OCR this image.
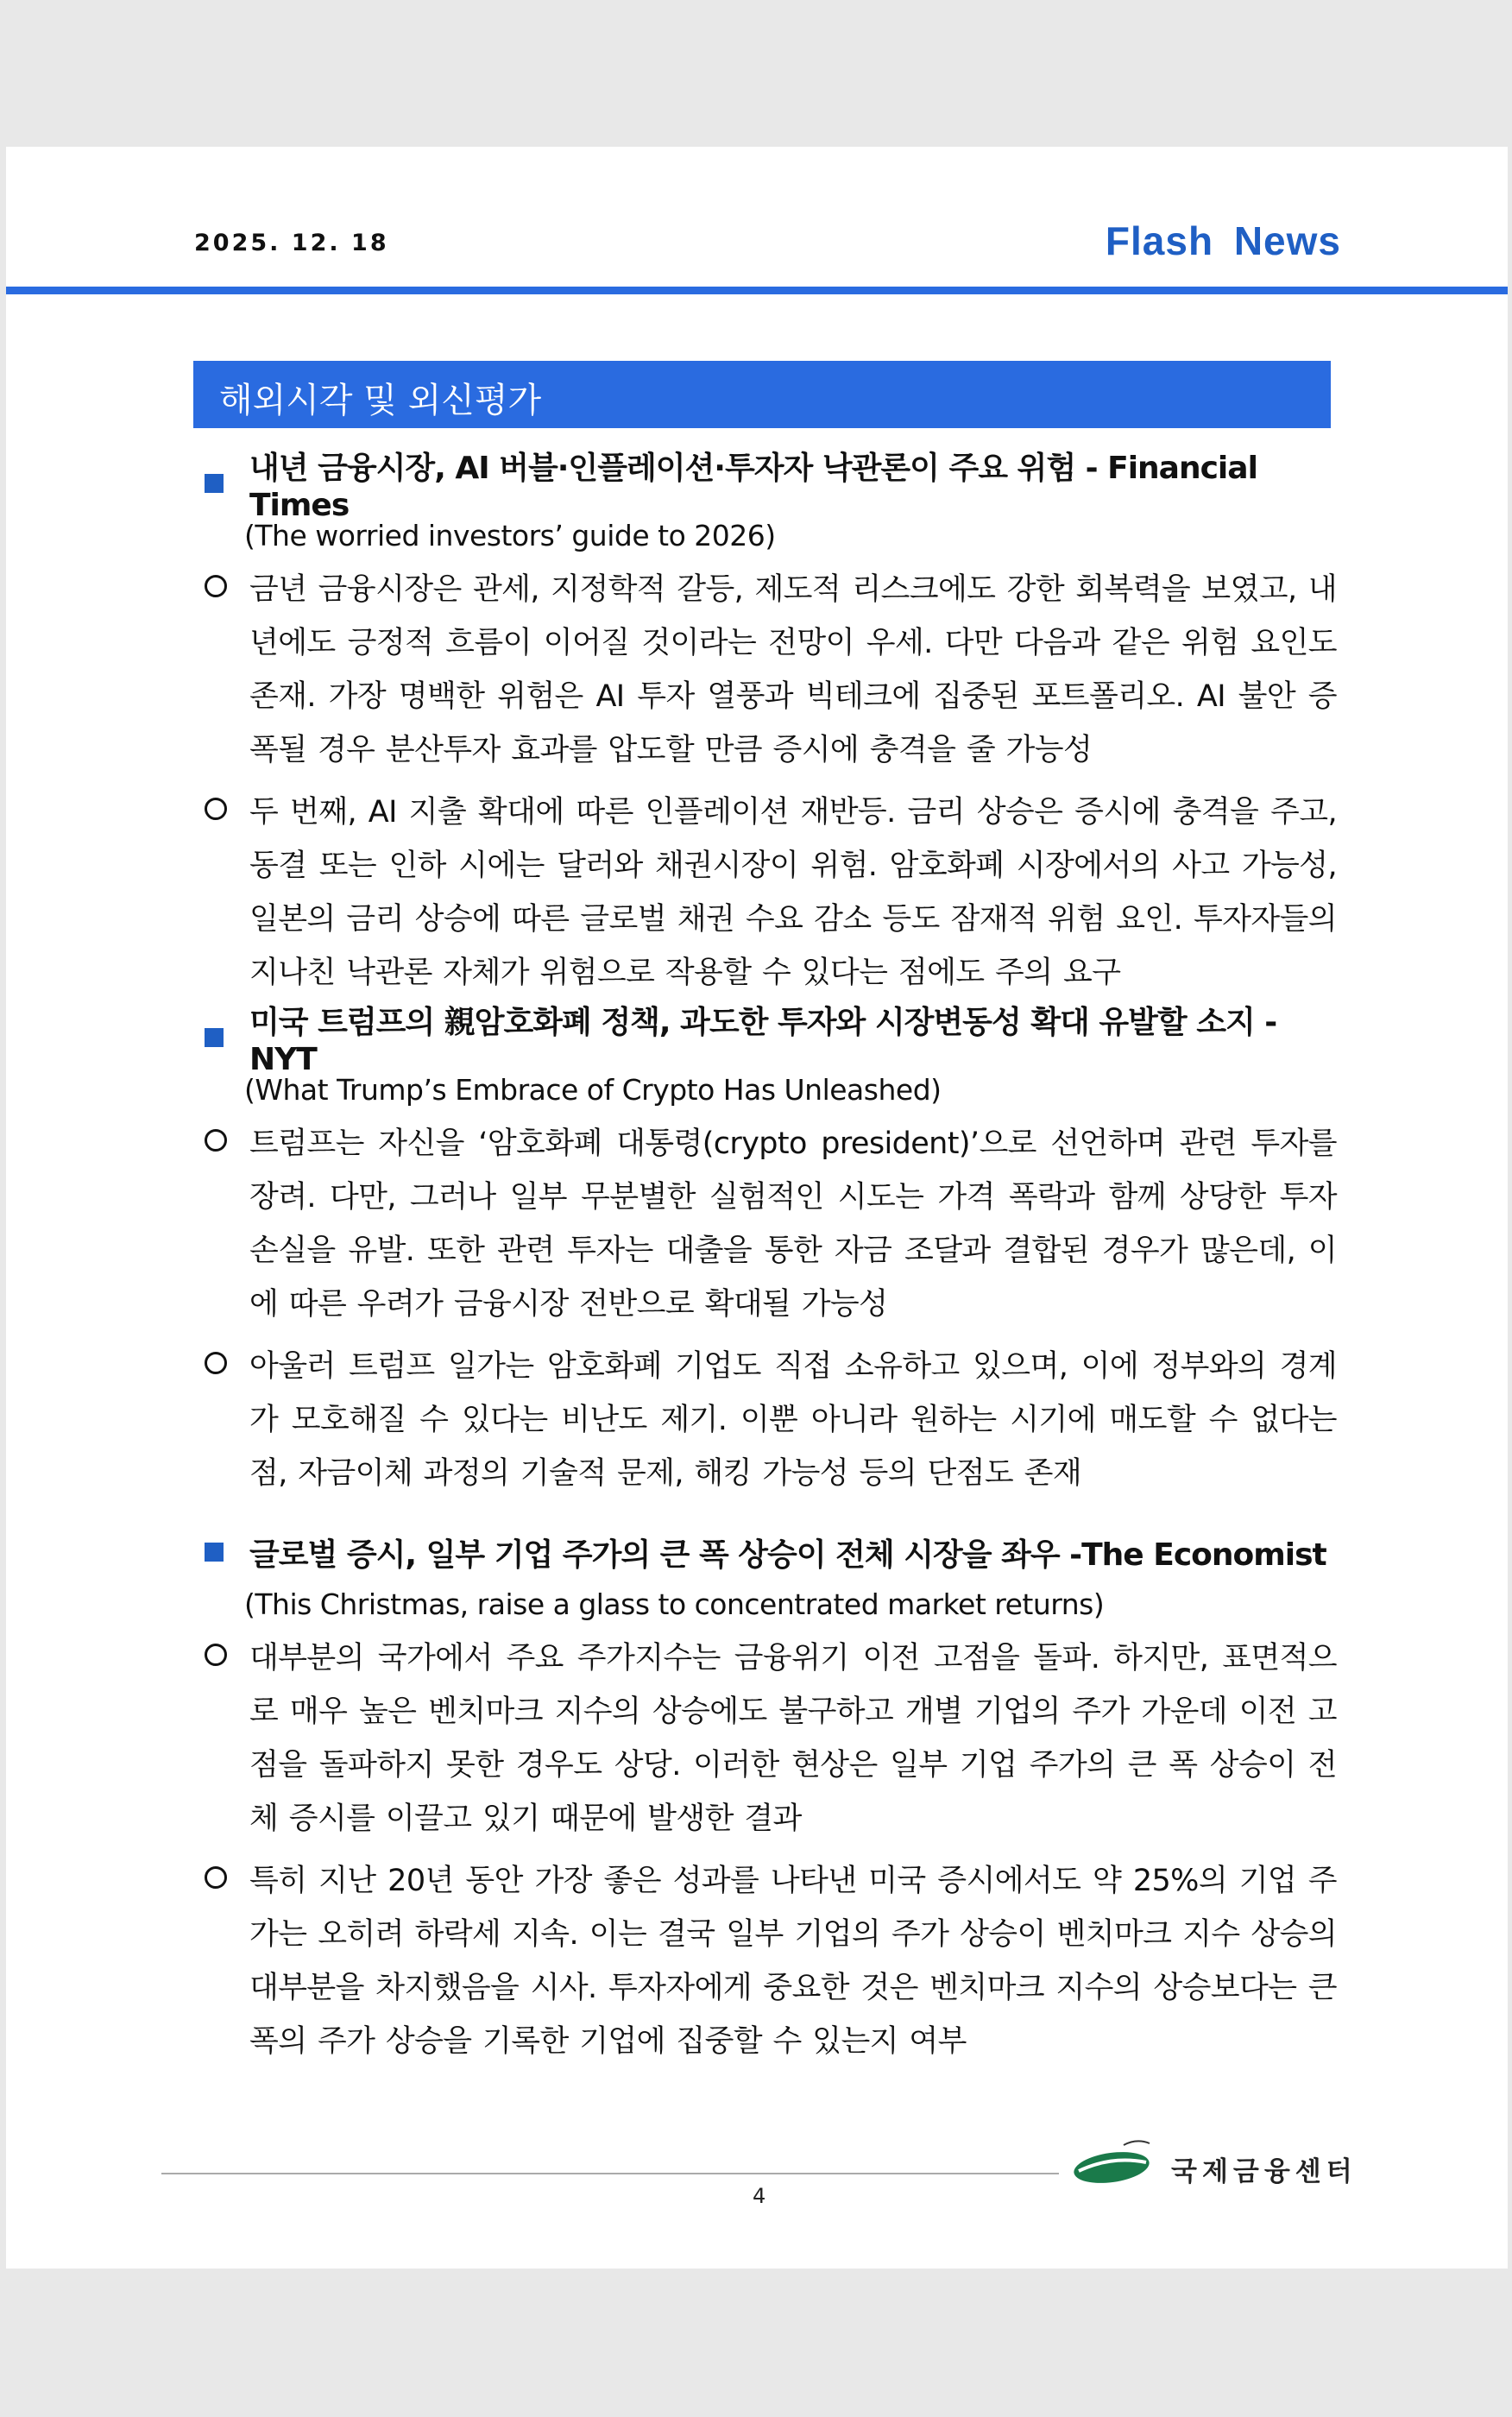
2025. 12. 18	Flash News
해외시각 및 외신평가
내년 금융시장, AI 버블·인플레이션·투자자 낙관론이 주요 위험 - Financial Times
(The worried investors’ guide to 2026)
금년 금융시장은 관세, 지정학적 갈등, 제도적 리스크에도 강한 회복력을 보였고, 내년에도 긍정적 흐름이 이어질 것이라는 전망이 우세. 다만 다음과 같은 위험 요인도 존재. 가장 명백한 위험은 AI 투자 열풍과 빅테크에 집중된 포트폴리오. AI 불안 증폭될 경우 분산투자 효과를 압도할 만큼 증시에 충격을 줄 가능성
두 번째, AI 지출 확대에 따른 인플레이션 재반등. 금리 상승은 증시에 충격을 주고, 동결 또는 인하 시에는 달러와 채권시장이 위험. 암호화폐 시장에서의 사고 가능성, 일본의 금리 상승에 따른 글로벌 채권 수요 감소 등도 잠재적 위험 요인. 투자자들의 지나친 낙관론 자체가 위험으로 작용할 수 있다는 점에도 주의 요구
미국 트럼프의 親암호화폐 정책, 과도한 투자와 시장변동성 확대 유발할 소지 - NYT
(What Trump’s Embrace of Crypto Has Unleashed)
트럼프는 자신을 ‘암호화폐 대통령(crypto president)’으로 선언하며 관련 투자를 장려. 다만, 그러나 일부 무분별한 실험적인 시도는 가격 폭락과 함께 상당한 투자 손실을 유발. 또한 관련 투자는 대출을 통한 자금 조달과 결합된 경우가 많은데, 이에 따른 우려가 금융시장 전반으로 확대될 가능성
아울러 트럼프 일가는 암호화폐 기업도 직접 소유하고 있으며, 이에 정부와의 경계가 모호해질 수 있다는 비난도 제기. 이뿐 아니라 원하는 시기에 매도할 수 없다는 점, 자금이체 과정의 기술적 문제, 해킹 가능성 등의 단점도 존재
글로벌 증시, 일부 기업 주가의 큰 폭 상승이 전체 시장을 좌우 -The Economist
(This Christmas, raise a glass to concentrated market returns)
대부분의 국가에서 주요 주가지수는 금융위기 이전 고점을 돌파. 하지만, 표면적으로 매우 높은 벤치마크 지수의 상승에도 불구하고 개별 기업의 주가 가운데 이전 고점을 돌파하지 못한 경우도 상당. 이러한 현상은 일부 기업 주가의 큰 폭 상승이 전체 증시를 이끌고 있기 때문에 발생한 결과
특히 지난 20년 동안 가장 좋은 성과를 나타낸 미국 증시에서도 약 25%의 기업 주가는 오히려 하락세 지속. 이는 결국 일부 기업의 주가 상승이 벤치마크 지수 상승의 대부분을 차지했음을 시사. 투자자에게 중요한 것은 벤치마크 지수의 상승보다는 큰 폭의 주가 상승을 기록한 기업에 집중할 수 있는지 여부
4
국제금융센터
